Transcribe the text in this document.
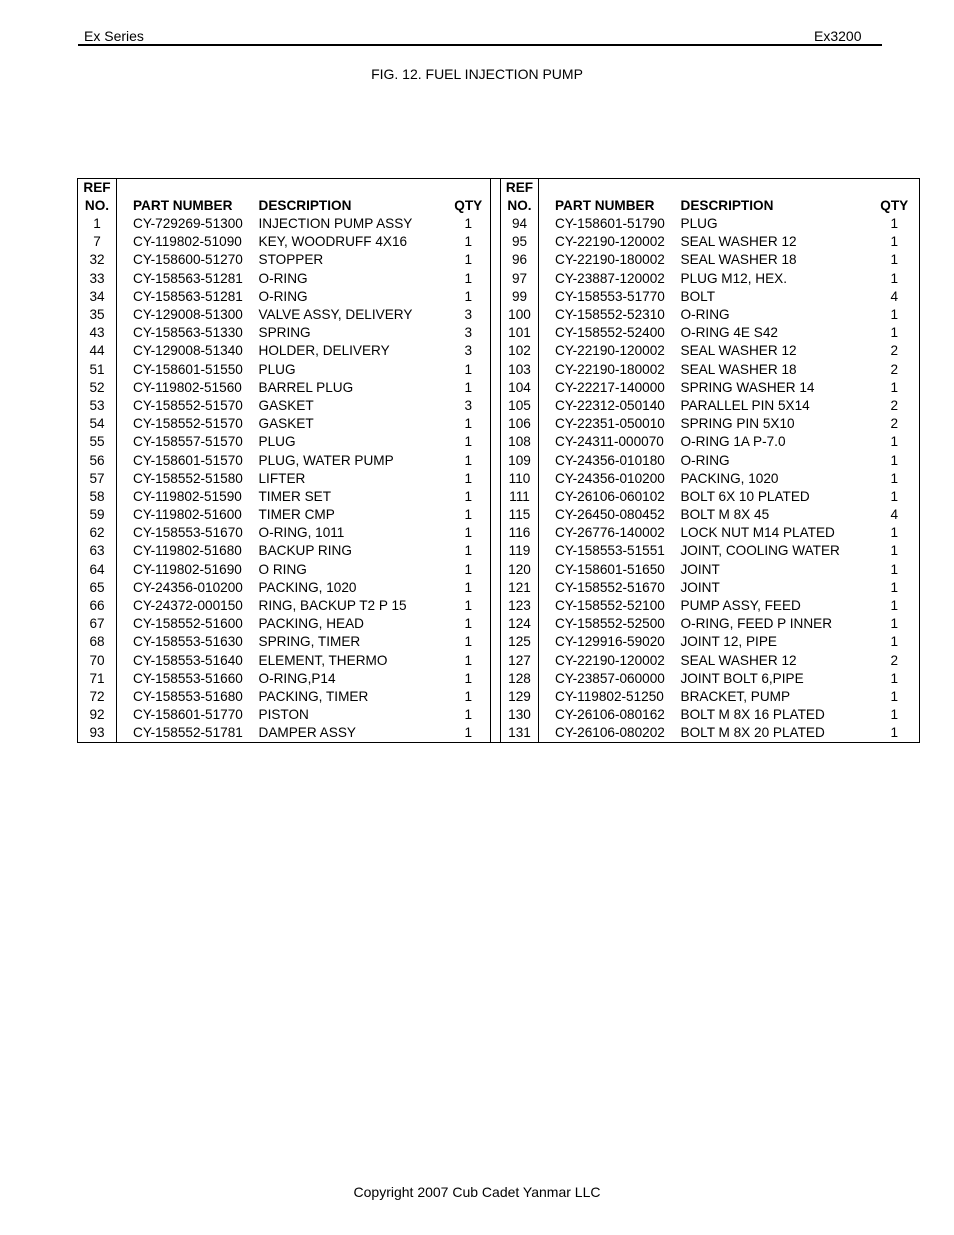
Ex Series	Ex3200
FIG. 12. FUEL INJECTION PUMP
REF					REF			
NO.	PART NUMBER	DESCRIPTION	QTY		NO.	PART NUMBER	DESCRIPTION	QTY
1	CY-729269-51300	INJECTION PUMP ASSY	1		94	CY-158601-51790	PLUG	1
7	CY-119802-51090	KEY, WOODRUFF 4X16	1		95	CY-22190-120002	SEAL WASHER 12	1
32	CY-158600-51270	STOPPER	1		96	CY-22190-180002	SEAL WASHER 18	1
33	CY-158563-51281	O-RING	1		97	CY-23887-120002	PLUG M12, HEX.	1
34	CY-158563-51281	O-RING	1		99	CY-158553-51770	BOLT	4
35	CY-129008-51300	VALVE ASSY, DELIVERY	3		100	CY-158552-52310	O-RING	1
43	CY-158563-51330	SPRING	3		101	CY-158552-52400	O-RING 4E S42	1
44	CY-129008-51340	HOLDER, DELIVERY	3		102	CY-22190-120002	SEAL WASHER 12	2
51	CY-158601-51550	PLUG	1		103	CY-22190-180002	SEAL WASHER 18	2
52	CY-119802-51560	BARREL PLUG	1		104	CY-22217-140000	SPRING WASHER 14	1
53	CY-158552-51570	GASKET	3		105	CY-22312-050140	PARALLEL PIN 5X14	2
54	CY-158552-51570	GASKET	1		106	CY-22351-050010	SPRING PIN 5X10	2
55	CY-158557-51570	PLUG	1		108	CY-24311-000070	O-RING 1A P-7.0	1
56	CY-158601-51570	PLUG, WATER PUMP	1		109	CY-24356-010180	O-RING	1
57	CY-158552-51580	LIFTER	1		110	CY-24356-010200	PACKING, 1020	1
58	CY-119802-51590	TIMER SET	1		111	CY-26106-060102	BOLT 6X 10 PLATED	1
59	CY-119802-51600	TIMER CMP	1		115	CY-26450-080452	BOLT M 8X 45	4
62	CY-158553-51670	O-RING, 1011	1		116	CY-26776-140002	LOCK NUT M14 PLATED	1
63	CY-119802-51680	BACKUP RING	1		119	CY-158553-51551	JOINT, COOLING WATER	1
64	CY-119802-51690	O RING	1		120	CY-158601-51650	JOINT	1
65	CY-24356-010200	PACKING, 1020	1		121	CY-158552-51670	JOINT	1
66	CY-24372-000150	RING, BACKUP T2 P 15	1		123	CY-158552-52100	PUMP ASSY, FEED	1
67	CY-158552-51600	PACKING, HEAD	1		124	CY-158552-52500	O-RING, FEED P INNER	1
68	CY-158553-51630	SPRING, TIMER	1		125	CY-129916-59020	JOINT 12, PIPE	1
70	CY-158553-51640	ELEMENT, THERMO	1		127	CY-22190-120002	SEAL WASHER 12	2
71	CY-158553-51660	O-RING,P14	1		128	CY-23857-060000	JOINT BOLT 6,PIPE	1
72	CY-158553-51680	PACKING, TIMER	1		129	CY-119802-51250	BRACKET, PUMP	1
92	CY-158601-51770	PISTON	1		130	CY-26106-080162	BOLT M 8X 16 PLATED	1
93	CY-158552-51781	DAMPER ASSY	1		131	CY-26106-080202	BOLT M 8X 20 PLATED	1
Copyright 2007 Cub Cadet Yanmar LLC
